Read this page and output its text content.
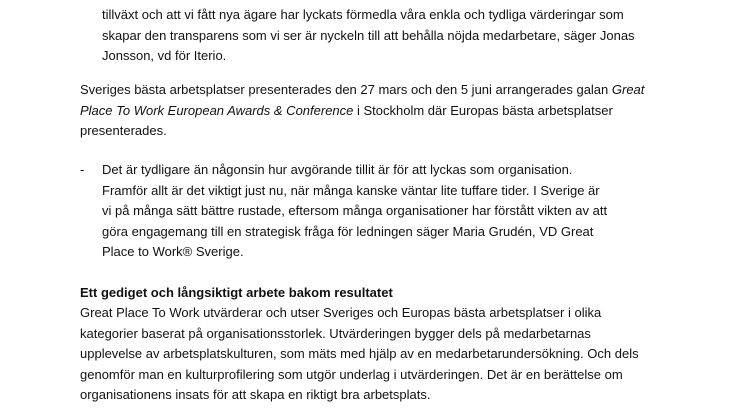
tillväxt och att vi fått nya ägare har lyckats förmedla våra enkla och tydliga värderingar som
skapar den transparens som vi ser är nyckeln till att behålla nöjda medarbetare, säger Jonas
Jonsson, vd för Iterio.
Sveriges bästa arbetsplatser presenterades den 27 mars och den 5 juni arrangerades galan Great
Place To Work European Awards & Conference i Stockholm där Europas bästa arbetsplatser
presenterades.
- Det är tydligare än någonsin hur avgörande tillit är för att lyckas som organisation.
Framför allt är det viktigt just nu, när många kanske väntar lite tuffare tider. I Sverige är
vi på många sätt bättre rustade, eftersom många organisationer har förstått vikten av att
göra engagemang till en strategisk fråga för ledningen säger Maria Grudén, VD Great
Place to Work® Sverige.
Ett gediget och långsiktigt arbete bakom resultatet
Great Place To Work utvärderar och utser Sveriges och Europas bästa arbetsplatser i olika
kategorier baserat på organisationsstorlek. Utvärderingen bygger dels på medarbetarnas
upplevelse av arbetsplatskulturen, som mäts med hjälp av en medarbetarundersökning. Och dels
genomför man en kulturprofilering som utgör underlag i utvärderingen. Det är en berättelse om
organisationens insats för att skapa en riktigt bra arbetsplats.
